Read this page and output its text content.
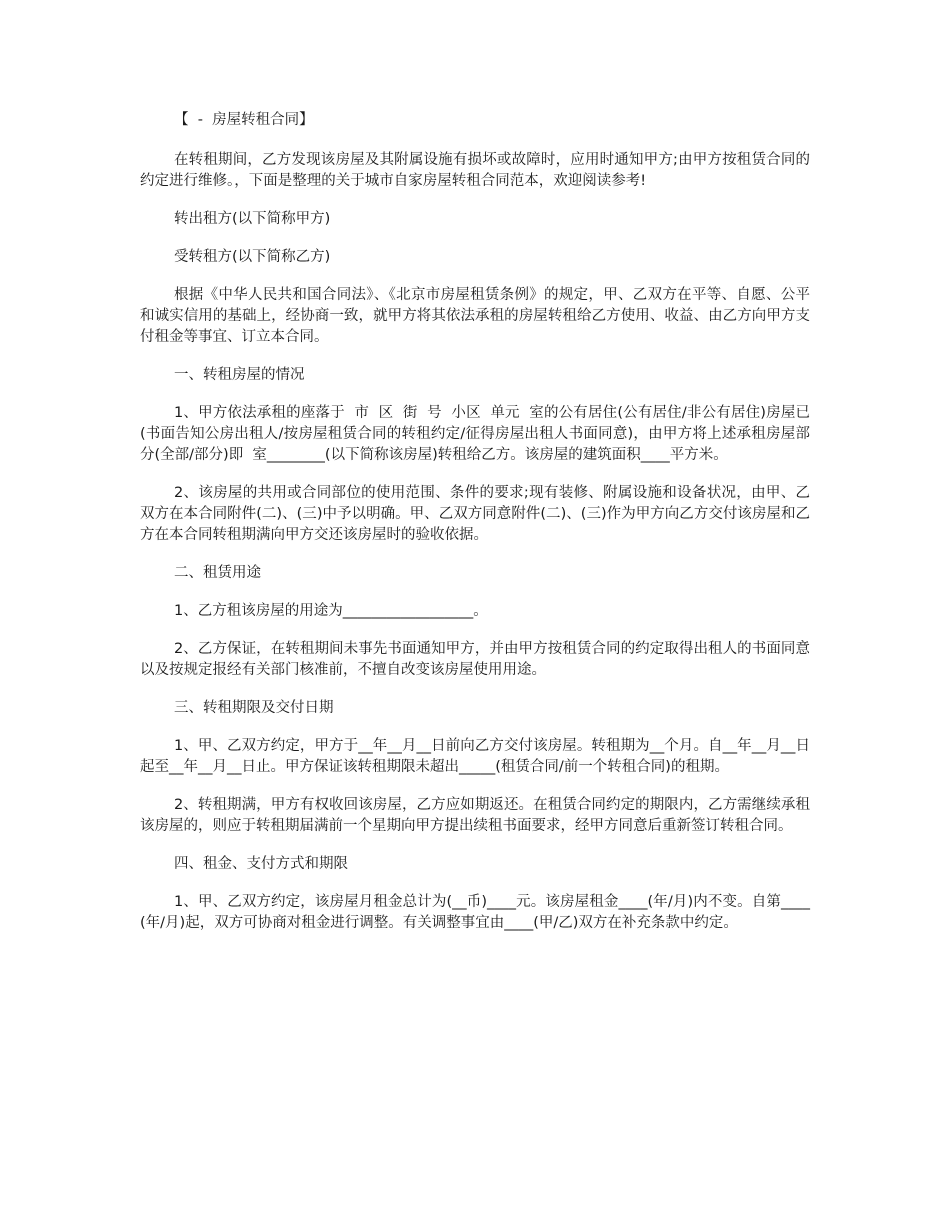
【  -  房屋转租合同】

在转租期间，乙方发现该房屋及其附属设施有损坏或故障时，应用时通知甲方;由甲方按租赁合同的约定进行维修。，下面是整理的关于城市自家房屋转租合同范本，欢迎阅读参考!

转出租方(以下简称甲方)

受转租方(以下简称乙方)

根据《中华人民共和国合同法》、《北京市房屋租赁条例》的规定，甲、乙双方在平等、自愿、公平和诚实信用的基础上，经协商一致，就甲方将其依法承租的房屋转租给乙方使用、收益、由乙方向甲方支付租金等事宜、订立本合同。

一、转租房屋的情况

1、甲方依法承租的座落于  市  区  街  号  小区  单元  室的公有居住(公有居住/非公有居住)房屋已(书面告知公房出租人/按房屋租赁合同的转租约定/征得房屋出租人书面同意)，由甲方将上述承租房屋部分(全部/部分)即  室________(以下简称该房屋)转租给乙方。该房屋的建筑面积____平方米。

2、该房屋的共用或合同部位的使用范围、条件的要求;现有装修、附属设施和设备状况，由甲、乙双方在本合同附件(二)、(三)中予以明确。甲、乙双方同意附件(二)、(三)作为甲方向乙方交付该房屋和乙方在本合同转租期满向甲方交还该房屋时的验收依据。

二、租赁用途

1、乙方租该房屋的用途为__________________。

2、乙方保证，在转租期间未事先书面通知甲方，并由甲方按租赁合同的约定取得出租人的书面同意以及按规定报经有关部门核准前，不擅自改变该房屋使用用途。

三、转租期限及交付日期

1、甲、乙双方约定，甲方于__年__月__日前向乙方交付该房屋。转租期为__个月。自__年__月__日起至__年__月__日止。甲方保证该转租期限未超出_____(租赁合同/前一个转租合同)的租期。

2、转租期满，甲方有权收回该房屋，乙方应如期返还。在租赁合同约定的期限内，乙方需继续承租该房屋的，则应于转租期届满前一个星期向甲方提出续租书面要求，经甲方同意后重新签订转租合同。

四、租金、支付方式和期限

1、甲、乙双方约定，该房屋月租金总计为(__币)____元。该房屋租金____(年/月)内不变。自第____(年/月)起，双方可协商对租金进行调整。有关调整事宜由____(甲/乙)双方在补充条款中约定。
